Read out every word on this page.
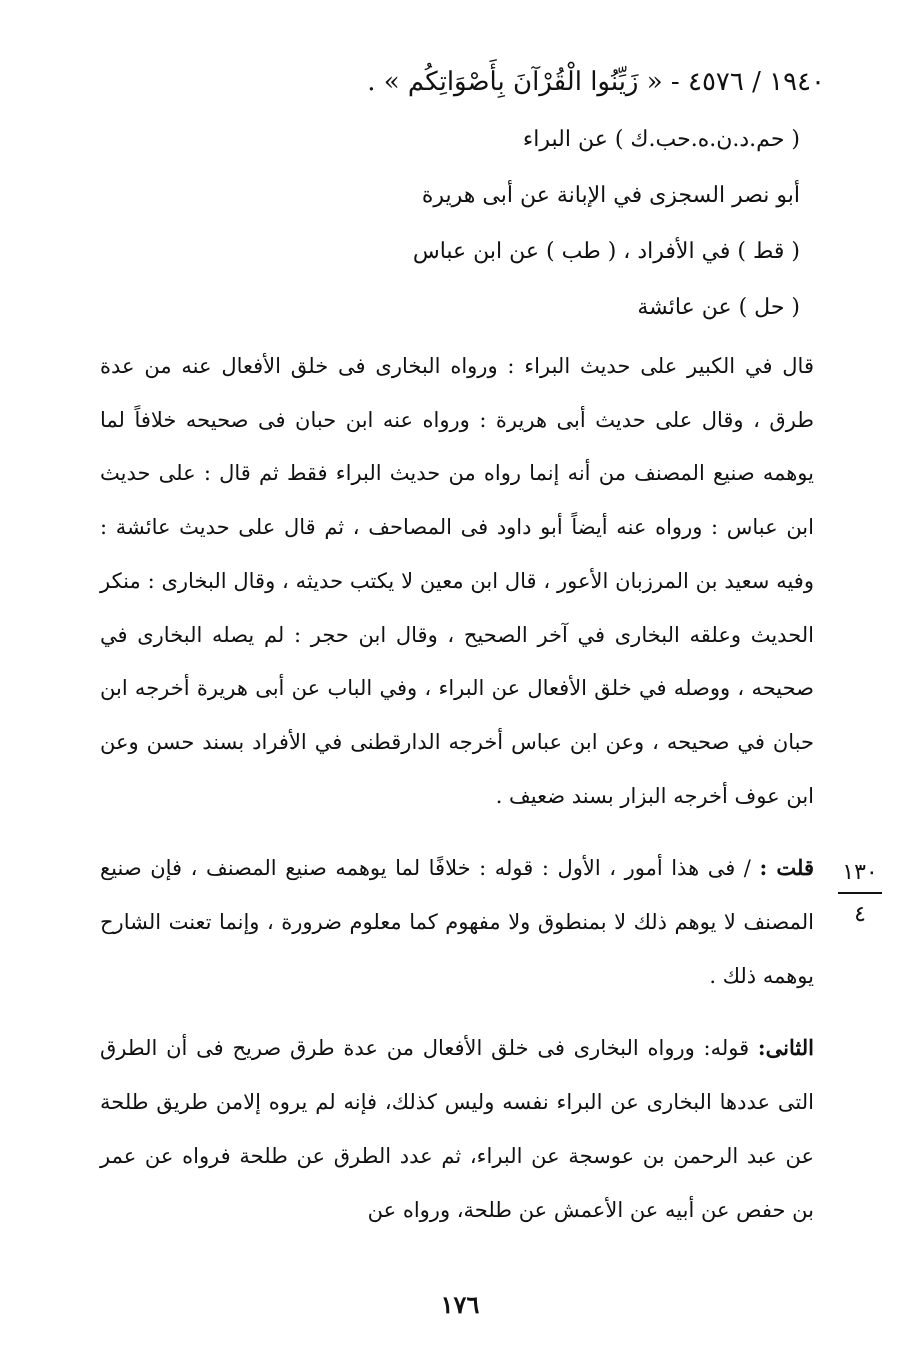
١٩٤٠ / ٤٥٧٦ - « زَيِّنُوا الْقُرْآنَ بِأَصْوَاتِكُم » .
( حم.د.ن.ه.حب.ك ) عن البراء
أبو نصر السجزى في الإبانة عن أبى هريرة
( قط ) في الأفراد ، ( طب ) عن ابن عباس
( حل ) عن عائشة

قال في الكبير على حديث البراء : ورواه البخارى فى خلق الأفعال عنه من عدة طرق ، وقال على حديث أبى هريرة : ورواه عنه ابن حبان فى صحيحه خلافاً لما يوهمه صنيع المصنف من أنه إنما رواه من حديث البراء فقط ثم قال : على حديث ابن عباس : ورواه عنه أيضاً أبو داود فى المصاحف ، ثم قال على حديث عائشة : وفيه سعيد بن المرزبان الأعور ، قال ابن معين لا يكتب حديثه ، وقال البخارى : منكر الحديث وعلقه البخارى في آخر الصحيح ، وقال ابن حجر : لم يصله البخارى في صحيحه ، ووصله في خلق الأفعال عن البراء ، وفي الباب عن أبى هريرة أخرجه ابن حبان في صحيحه ، وعن ابن عباس أخرجه الدارقطنى في الأفراد بسند حسن وعن ابن عوف أخرجه البزار بسند ضعيف .

قلت : / فى هذا أمور ، الأول : قوله : خلافًا لما يوهمه صنيع المصنف ، فإن صنيع المصنف لا يوهم ذلك لا بمنطوق ولا مفهوم كما معلوم ضرورة ، وإنما تعنت الشارح يوهمه ذلك .

الثانى: قوله: ورواه البخارى فى خلق الأفعال من عدة طرق صريح فى أن الطرق التى عددها البخارى عن البراء نفسه وليس كذلك، فإنه لم يروه إلامن طريق طلحة عن عبد الرحمن بن عوسجة عن البراء، ثم عدد الطرق عن طلحة فرواه عن عمر بن حفص عن أبيه عن الأعمش عن طلحة، ورواه عن

١٣٠
٤
١٧٦
